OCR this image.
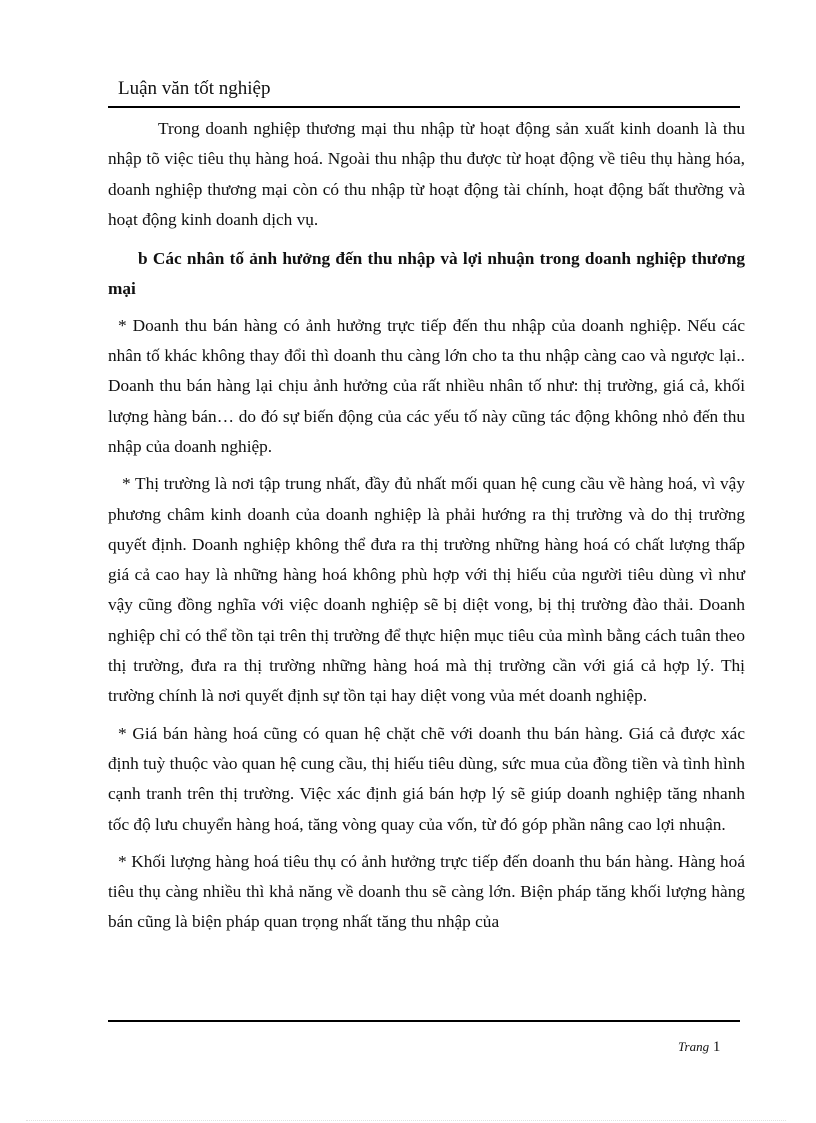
Luận văn tốt nghiệp

Trong doanh nghiệp thương mại thu nhập từ hoạt động sản xuất kinh doanh là thu nhập tõ việc tiêu thụ hàng hoá. Ngoài thu nhập thu được từ hoạt động về tiêu thụ hàng hóa, doanh nghiệp thương mại còn có thu nhập từ hoạt động tài chính, hoạt động bất thường và hoạt động kinh doanh dịch vụ.

b Các nhân tố ảnh hưởng đến thu nhập và lợi nhuận trong doanh nghiệp thương mại

* Doanh thu bán hàng có ảnh hưởng trực tiếp đến thu nhập của doanh nghiệp. Nếu các nhân tố khác không thay đổi thì doanh thu càng lớn cho ta thu nhập càng cao và ngược lại.. Doanh thu bán hàng lại chịu ảnh hưởng của rất nhiều nhân tố như: thị trường, giá cả, khối lượng hàng bán… do đó sự biến động của các yếu tố này cũng tác động không nhỏ đến thu nhập của doanh nghiệp.

* Thị trường là nơi tập trung nhất, đầy đủ nhất mối quan hệ cung cầu về hàng hoá, vì vậy phương châm kinh doanh của doanh nghiệp là phải hướng ra thị trường và do thị trường quyết định. Doanh nghiệp không thể đưa ra thị trường những hàng hoá có chất lượng thấp giá cả cao hay là những hàng hoá không phù hợp với thị hiếu của người tiêu dùng vì như vậy cũng đồng nghĩa với việc doanh nghiệp sẽ bị diệt vong, bị thị trường đào thải. Doanh nghiệp chỉ có thể tồn tại trên thị trường để thực hiện mục tiêu của mình bằng cách tuân theo thị trường, đưa ra thị trường những hàng hoá mà thị trường cần với giá cả hợp lý. Thị trường chính là nơi quyết định sự tồn tại hay diệt vong vủa mét doanh nghiệp.

* Giá bán hàng hoá cũng có quan hệ chặt chẽ với doanh thu bán hàng. Giá cả được xác định tuỳ thuộc vào quan hệ cung cầu, thị hiếu tiêu dùng, sức mua của đồng tiền và tình hình cạnh tranh trên thị trường. Việc xác định giá bán hợp lý sẽ giúp doanh nghiệp tăng nhanh tốc độ lưu chuyển hàng hoá, tăng vòng quay của vốn, từ đó góp phần nâng cao lợi nhuận.

* Khối lượng hàng hoá tiêu thụ có ảnh hưởng trực tiếp đến doanh thu bán hàng. Hàng hoá tiêu thụ càng nhiều thì khả năng về doanh thu sẽ càng lớn. Biện pháp tăng khối lượng hàng bán cũng là biện pháp quan trọng nhất tăng thu nhập của

Trang 1
